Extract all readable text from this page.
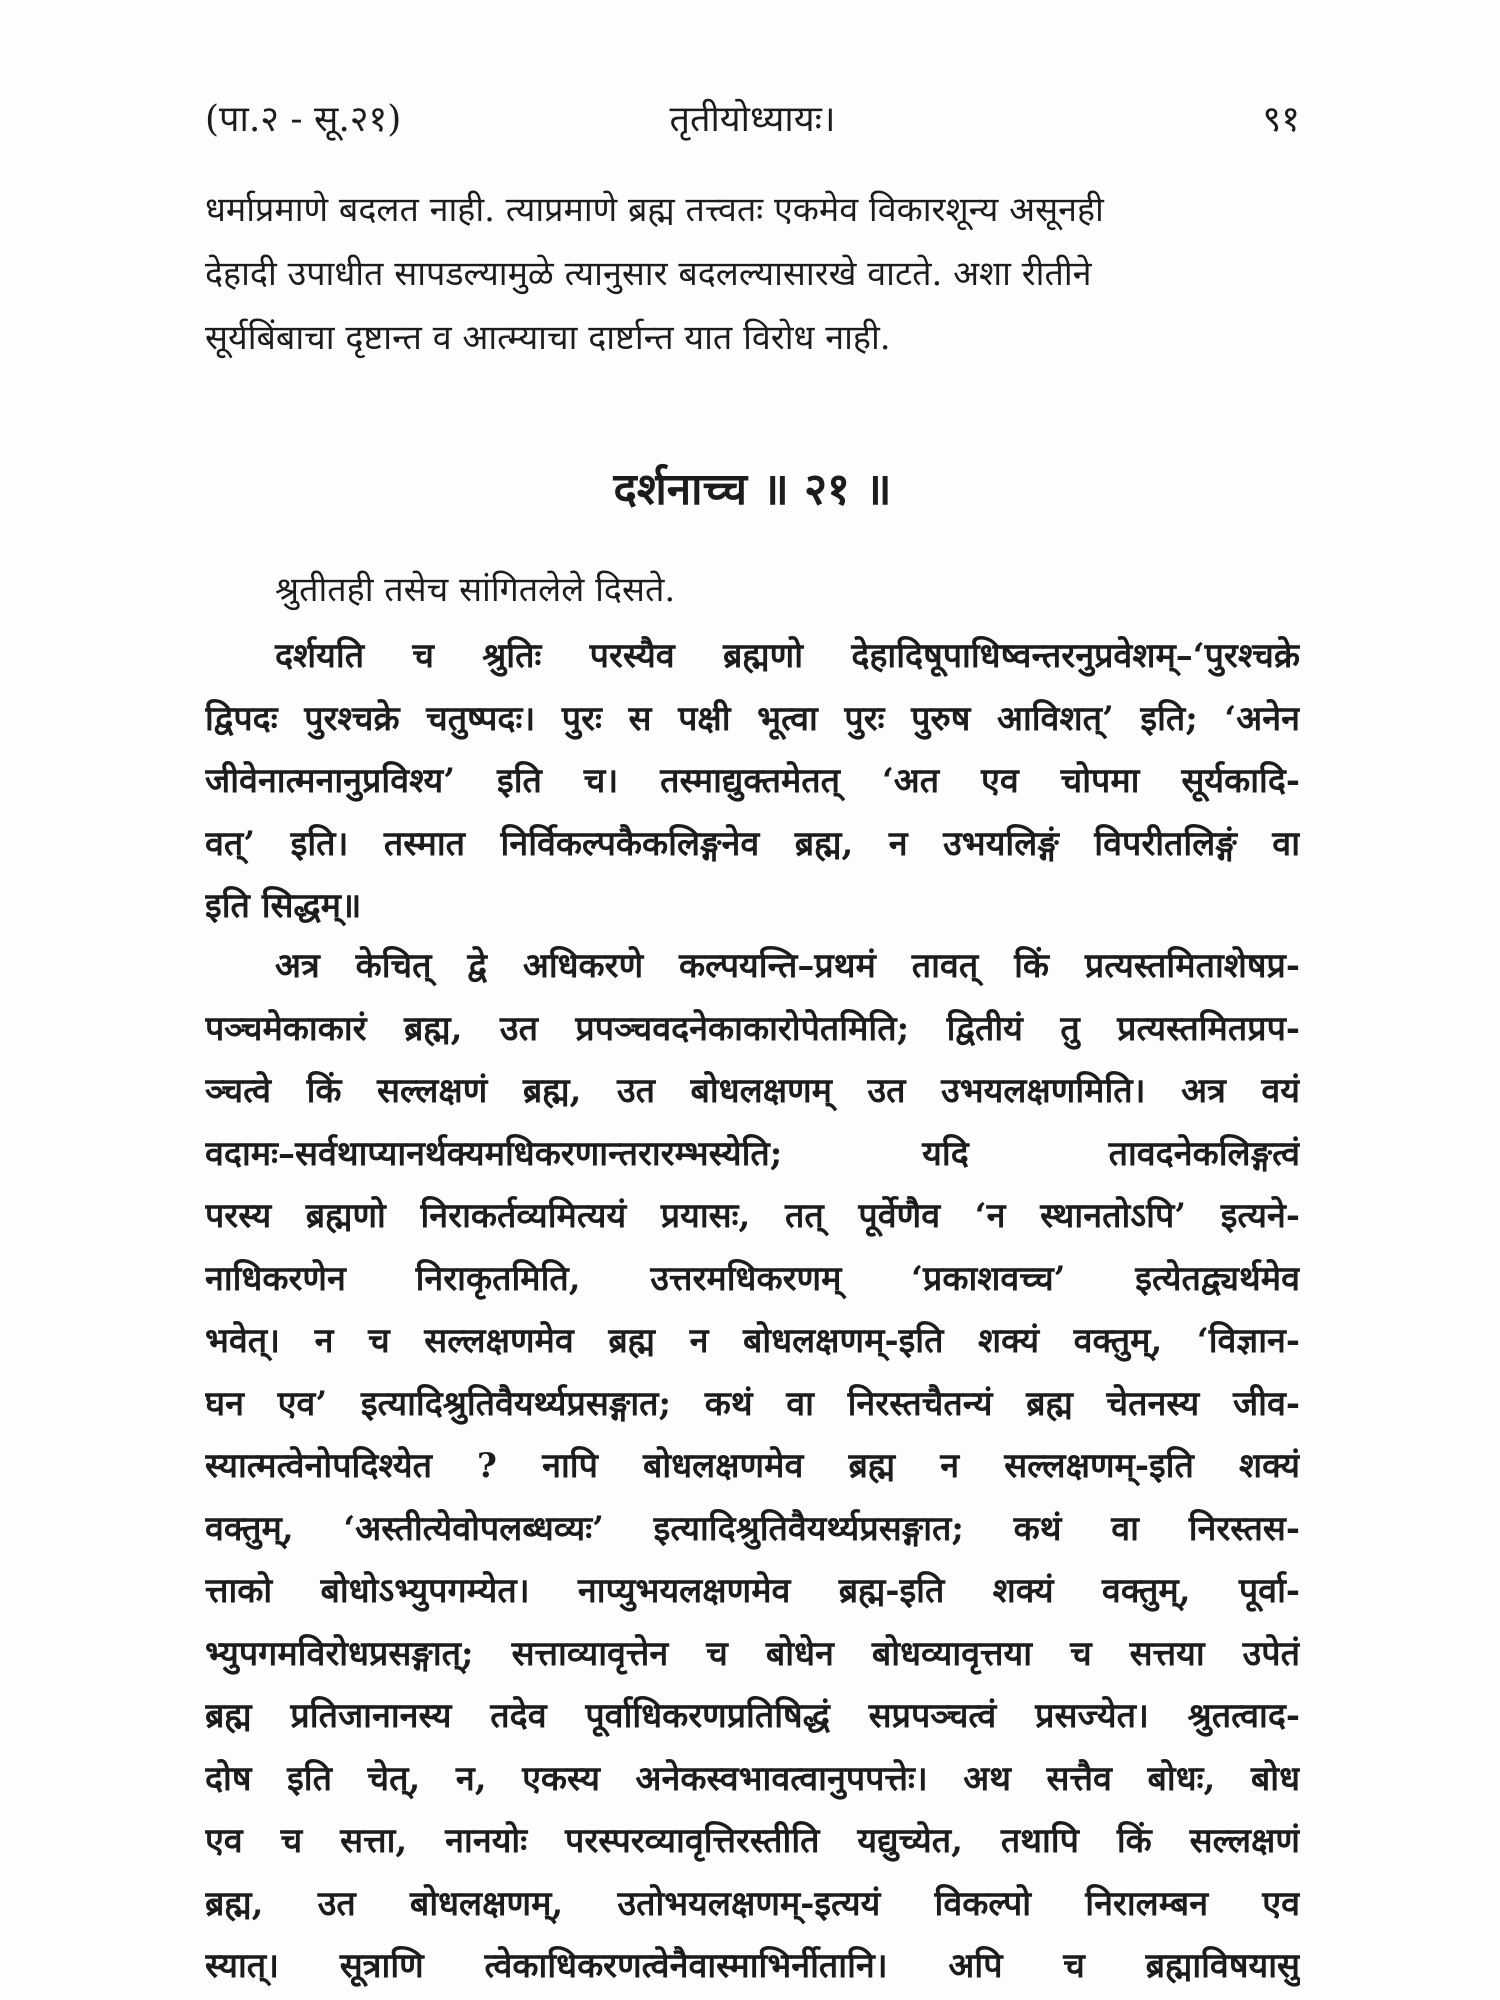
(पा.२ - सू.२१)	तृतीयोध्यायः।	९१

धर्माप्रमाणे बदलत नाही. त्याप्रमाणे ब्रह्म तत्त्वतः एकमेव विकारशून्य असूनही

देहादी उपाधीत सापडल्यामुळे त्यानुसार बदलल्यासारखे वाटते. अशा रीतीने

सूर्यबिंबाचा दृष्टान्त व आत्म्याचा दार्ष्टान्त यात विरोध नाही.

दर्शनाच्च ॥ २१ ॥
श्रुतीतही तसेच सांगितलेले दिसते.
दर्शयति च श्रुतिः परस्यैव ब्रह्मणो देहादिषूपाधिष्वन्तरनुप्रवेशम्–‘पुरश्चक्रे
द्विपदः पुरश्चक्रे चतुष्पदः। पुरः स पक्षी भूत्वा पुरः पुरुष आविशत्’ इति; ‘अनेन
जीवेनात्मनानुप्रविश्य’ इति च। तस्माद्युक्तमेतत् ‘अत एव चोपमा सूर्यकादि-
वत्’ इति। तस्मात निर्विकल्पकैकलिङ्गनेव ब्रह्म, न उभयलिङ्गं विपरीतलिङ्गं वा
इति सिद्धम्॥
अत्र केचित् द्वे अधिकरणे कल्पयन्ति–प्रथमं तावत् किं प्रत्यस्तमिताशेषप्र-
पञ्चमेकाकारं ब्रह्म, उत प्रपञ्चवदनेकाकारोपेतमिति; द्वितीयं तु प्रत्यस्तमितप्रप-
ञ्चत्वे किं सल्लक्षणं ब्रह्म, उत बोधलक्षणम् उत उभयलक्षणमिति। अत्र वयं
वदामः–सर्वथाप्यानर्थक्यमधिकरणान्तरारम्भस्येति; यदि तावदनेकलिङ्गत्वं
परस्य ब्रह्मणो निराकर्तव्यमित्ययं प्रयासः, तत् पूर्वेणैव ‘न स्थानतोऽपि’ इत्यने-
नाधिकरणेन निराकृतमिति, उत्तरमधिकरणम् ‘प्रकाशवच्च’ इत्येतद्व्यर्थमेव
भवेत्। न च सल्लक्षणमेव ब्रह्म न बोधलक्षणम्-इति शक्यं वक्तुम्, ‘विज्ञान-
घन एव’ इत्यादिश्रुतिवैयर्थ्यप्रसङ्गात; कथं वा निरस्तचैतन्यं ब्रह्म चेतनस्य जीव-
स्यात्मत्वेनोपदिश्येत ? नापि बोधलक्षणमेव ब्रह्म न सल्लक्षणम्-इति शक्यं
वक्तुम्, ‘अस्तीत्येवोपलब्धव्यः’ इत्यादिश्रुतिवैयर्थ्यप्रसङ्गात; कथं वा निरस्तस-
त्ताको बोधोऽभ्युपगम्येत। नाप्युभयलक्षणमेव ब्रह्म-इति शक्यं वक्तुम्, पूर्वा-
भ्युपगमविरोधप्रसङ्गात्; सत्ताव्यावृत्तेन च बोधेन बोधव्यावृत्तया च सत्तया उपेतं
ब्रह्म प्रतिजानानस्य तदेव पूर्वाधिकरणप्रतिषिद्धं सप्रपञ्चत्वं प्रसज्येत। श्रुतत्वाद-
दोष इति चेत्, न, एकस्य अनेकस्वभावत्वानुपपत्तेः। अथ सत्तैव बोधः, बोध
एव च सत्ता, नानयोः परस्परव्यावृत्तिरस्तीति यद्युच्येत, तथापि किं सल्लक्षणं
ब्रह्म, उत बोधलक्षणम्, उतोभयलक्षणम्-इत्ययं विकल्पो निरालम्बन एव
स्यात्। सूत्राणि त्वेकाधिकरणत्वेनैवास्माभिर्नीतानि। अपि च ब्रह्माविषयासु
